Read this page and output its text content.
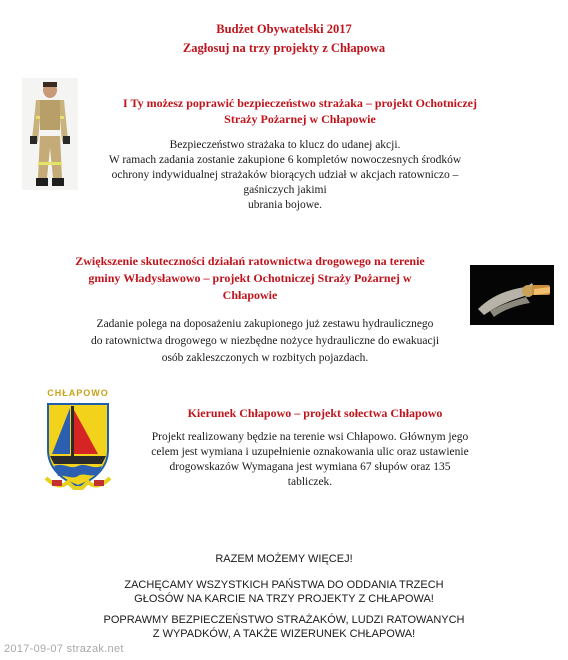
Budżet Obywatelski 2017
Zagłosuj na trzy projekty z Chłapowa
I Ty możesz poprawić bezpieczeństwo strażaka – projekt Ochotniczej
Straży Pożarnej w Chłapowie
Bezpieczeństwo strażaka to klucz do udanej akcji.
W ramach zadania zostanie zakupione 6 kompletów nowoczesnych środków
ochrony indywidualnej strażaków biorących udział w akcjach ratowniczo –
gaśniczych jakimi
ubrania bojowe.
Zwiększenie skuteczności działań ratownictwa drogowego na terenie
gminy Władysławowo – projekt Ochotniczej Straży Pożarnej w
Chłapowie
Zadanie polega na doposażeniu zakupionego już zestawu hydraulicznego
do ratownictwa drogowego w niezbędne nożyce hydrauliczne do ewakuacji
osób zakleszczonych w rozbitych pojazdach.
CHŁAPOWO
Kierunek Chłapowo – projekt sołectwa Chłapowo
Projekt realizowany będzie na terenie wsi Chłapowo. Głównym jego
celem jest wymiana i uzupełnienie oznakowania ulic oraz ustawienie
drogowskazów Wymagana jest wymiana 67 słupów oraz 135
tabliczek.
RAZEM MOŻEMY WIĘCEJ!
ZACHĘCAMY WSZYSTKICH PAŃSTWA DO ODDANIA TRZECH
GŁOSÓW NA KARCIE NA TRZY PROJEKTY Z CHŁAPOWA!
POPRAWMY BEZPIECZEŃSTWO STRAŻAKÓW, LUDZI RATOWANYCH
Z WYPADKÓW, A TAKŻE WIZERUNEK CHŁAPOWA!
2017-09-07 strazak.net
